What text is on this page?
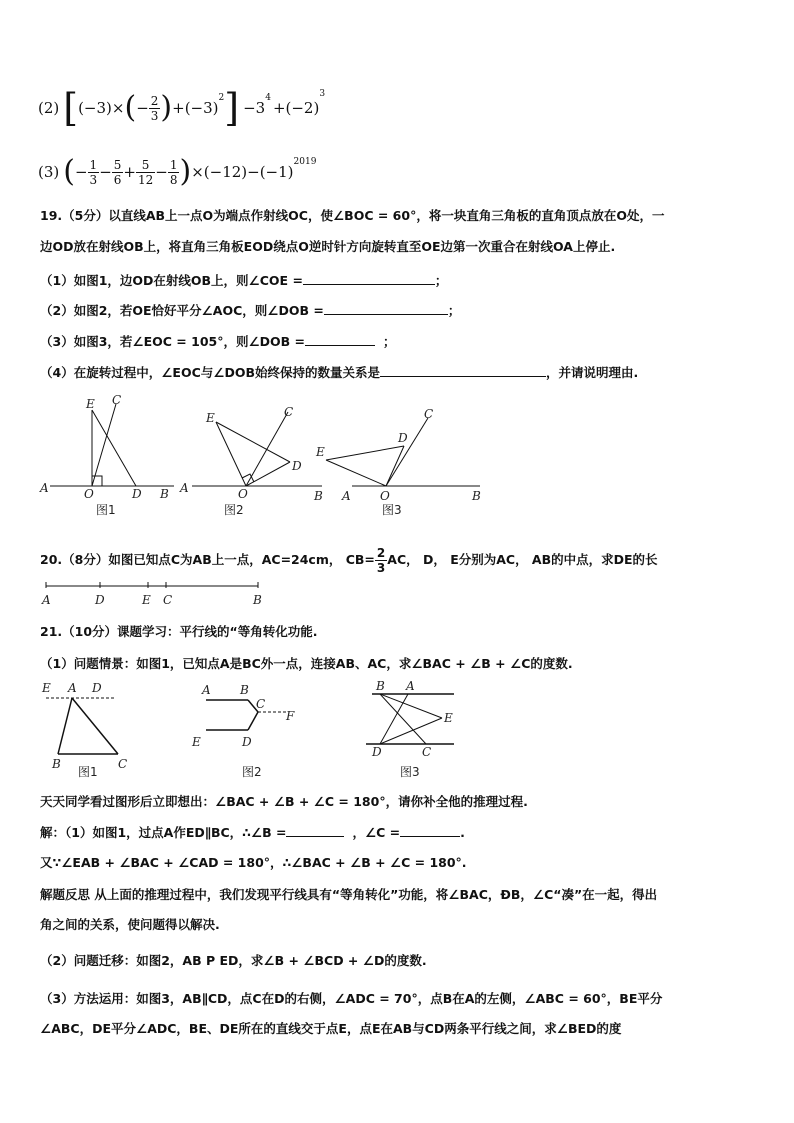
(2) [ (−3)× ( − $\frac{2}{3}$ ) +(−3)
$^2$ ] −3
$^4$
+(−2)
$^3$
(3) ( − $\frac{1}{3} - \frac{5}{6} + \frac{5}{12} - \frac{1}{8}$ ) ×(−12)−(−1)
$^{2019}$
19.（5分）以直线AB上一点O为端点作射线OC，使∠BOC = 60°，将一块直角三角板的直角顶点放在O处，一
边OD放在射线OB上，将直角三角板EOD绕点O逆时针方向旋转直至OE边第一次重合在射线OA上停止.
（1）如图1，边OD在射线OB上，则∠COE =	；
（2）如图2，若OE恰好平分∠AOC，则∠DOB =	；
（3）如图3，若∠EOC = 105°，则∠DOB =	；
（4）在旋转过程中，∠EOC与∠DOB始终保持的数量关系是	，并请说明理由.
A	O	D B
E C
图1
A	O	B
E
D
C
图2
A O	B
E
D
C
图3
20.（8分）如图已知点C为AB上一点，AC=24cm， $CB= \frac{2}{3}$ AC， D， E分别为AC， AB的中点，求DE的长
A	D	E C	B
21.（10分）课题学习：平行线的“等角转化功能.
（1）问题情景：如图1，已知点A是BC外一点，连接AB、AC，求∠BAC + ∠B + ∠C的度数.
E A D
B	C
图1
A B
C
F
E	D
图2
B A
E
D	C
图3
天天同学看过图形后立即想出：∠BAC + ∠B + ∠C = 180°，请你补全他的推理过程.
解：（1）如图1，过点A作ED∥BC，∴∠B =	，∠C =	.
又∵∠EAB + ∠BAC + ∠CAD = 180°，∴∠BAC + ∠B + ∠C = 180°.
解题反思 从上面的推理过程中，我们发现平行线具有“等角转化”功能，将∠BAC，ÐB，∠C“凑”在一起，得出
角之间的关系，使问题得以解决.
（2）问题迁移：如图2，AB P ED，求∠B + ∠BCD + ∠D的度数.
（3）方法运用：如图3，AB∥CD，点C在D的右侧，∠ADC = 70°，点B在A的左侧，∠ABC = 60°，BE平分
∠ABC，DE平分∠ADC，BE、DE所在的直线交于点E，点E在AB与CD两条平行线之间，求∠BED的度
